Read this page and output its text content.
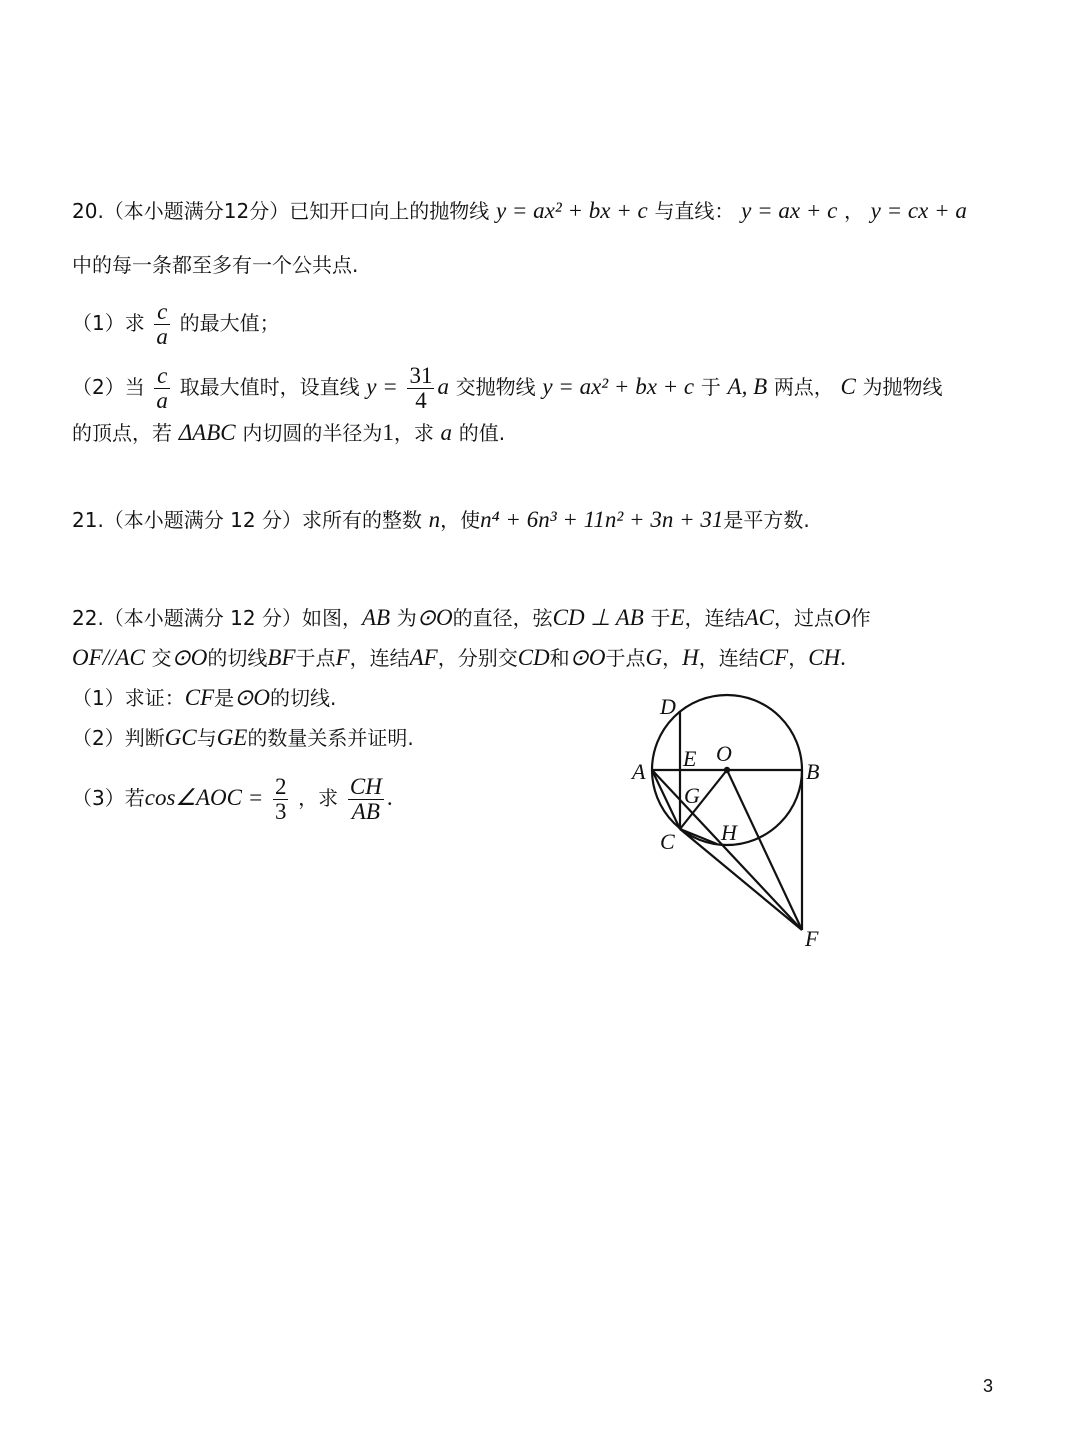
20.（本小题满分12分）已知开口向上的抛物线 y = ax² + bx + c 与直线： y = ax + c ， y = cx + a
中的每一条都至多有一个公共点.
（1）求 $\frac{c}{a}$ 的最大值；
（2）当 $\frac{c}{a}$ 取最大值时，设直线 $y = \frac{31}{4}$ a 交抛物线 y = ax² + bx + c 于 A, B 两点， C 为抛物线
的顶点，若 ΔABC 内切圆的半径为1，求 a 的值.
21.（本小题满分 12 分）求所有的整数 n，使n⁴ + 6n³ + 11n² + 3n + 31是平方数.
22.（本小题满分 12 分）如图，AB 为⊙O的直径，弦CD ⊥ AB 于E，连结AC，过点O作
OF//AC 交⊙O的切线BF于点F，连结AF，分别交CD和⊙O于点G，H，连结CF，CH.
（1）求证：CF是⊙O的切线.
（2）判断GC与GE的数量关系并证明.
（3）若cos∠AOC = $\frac{2}{3}$ ，求 $\frac{CH}{AB}$ .
D
A
E O
B
G
C H
F
3
